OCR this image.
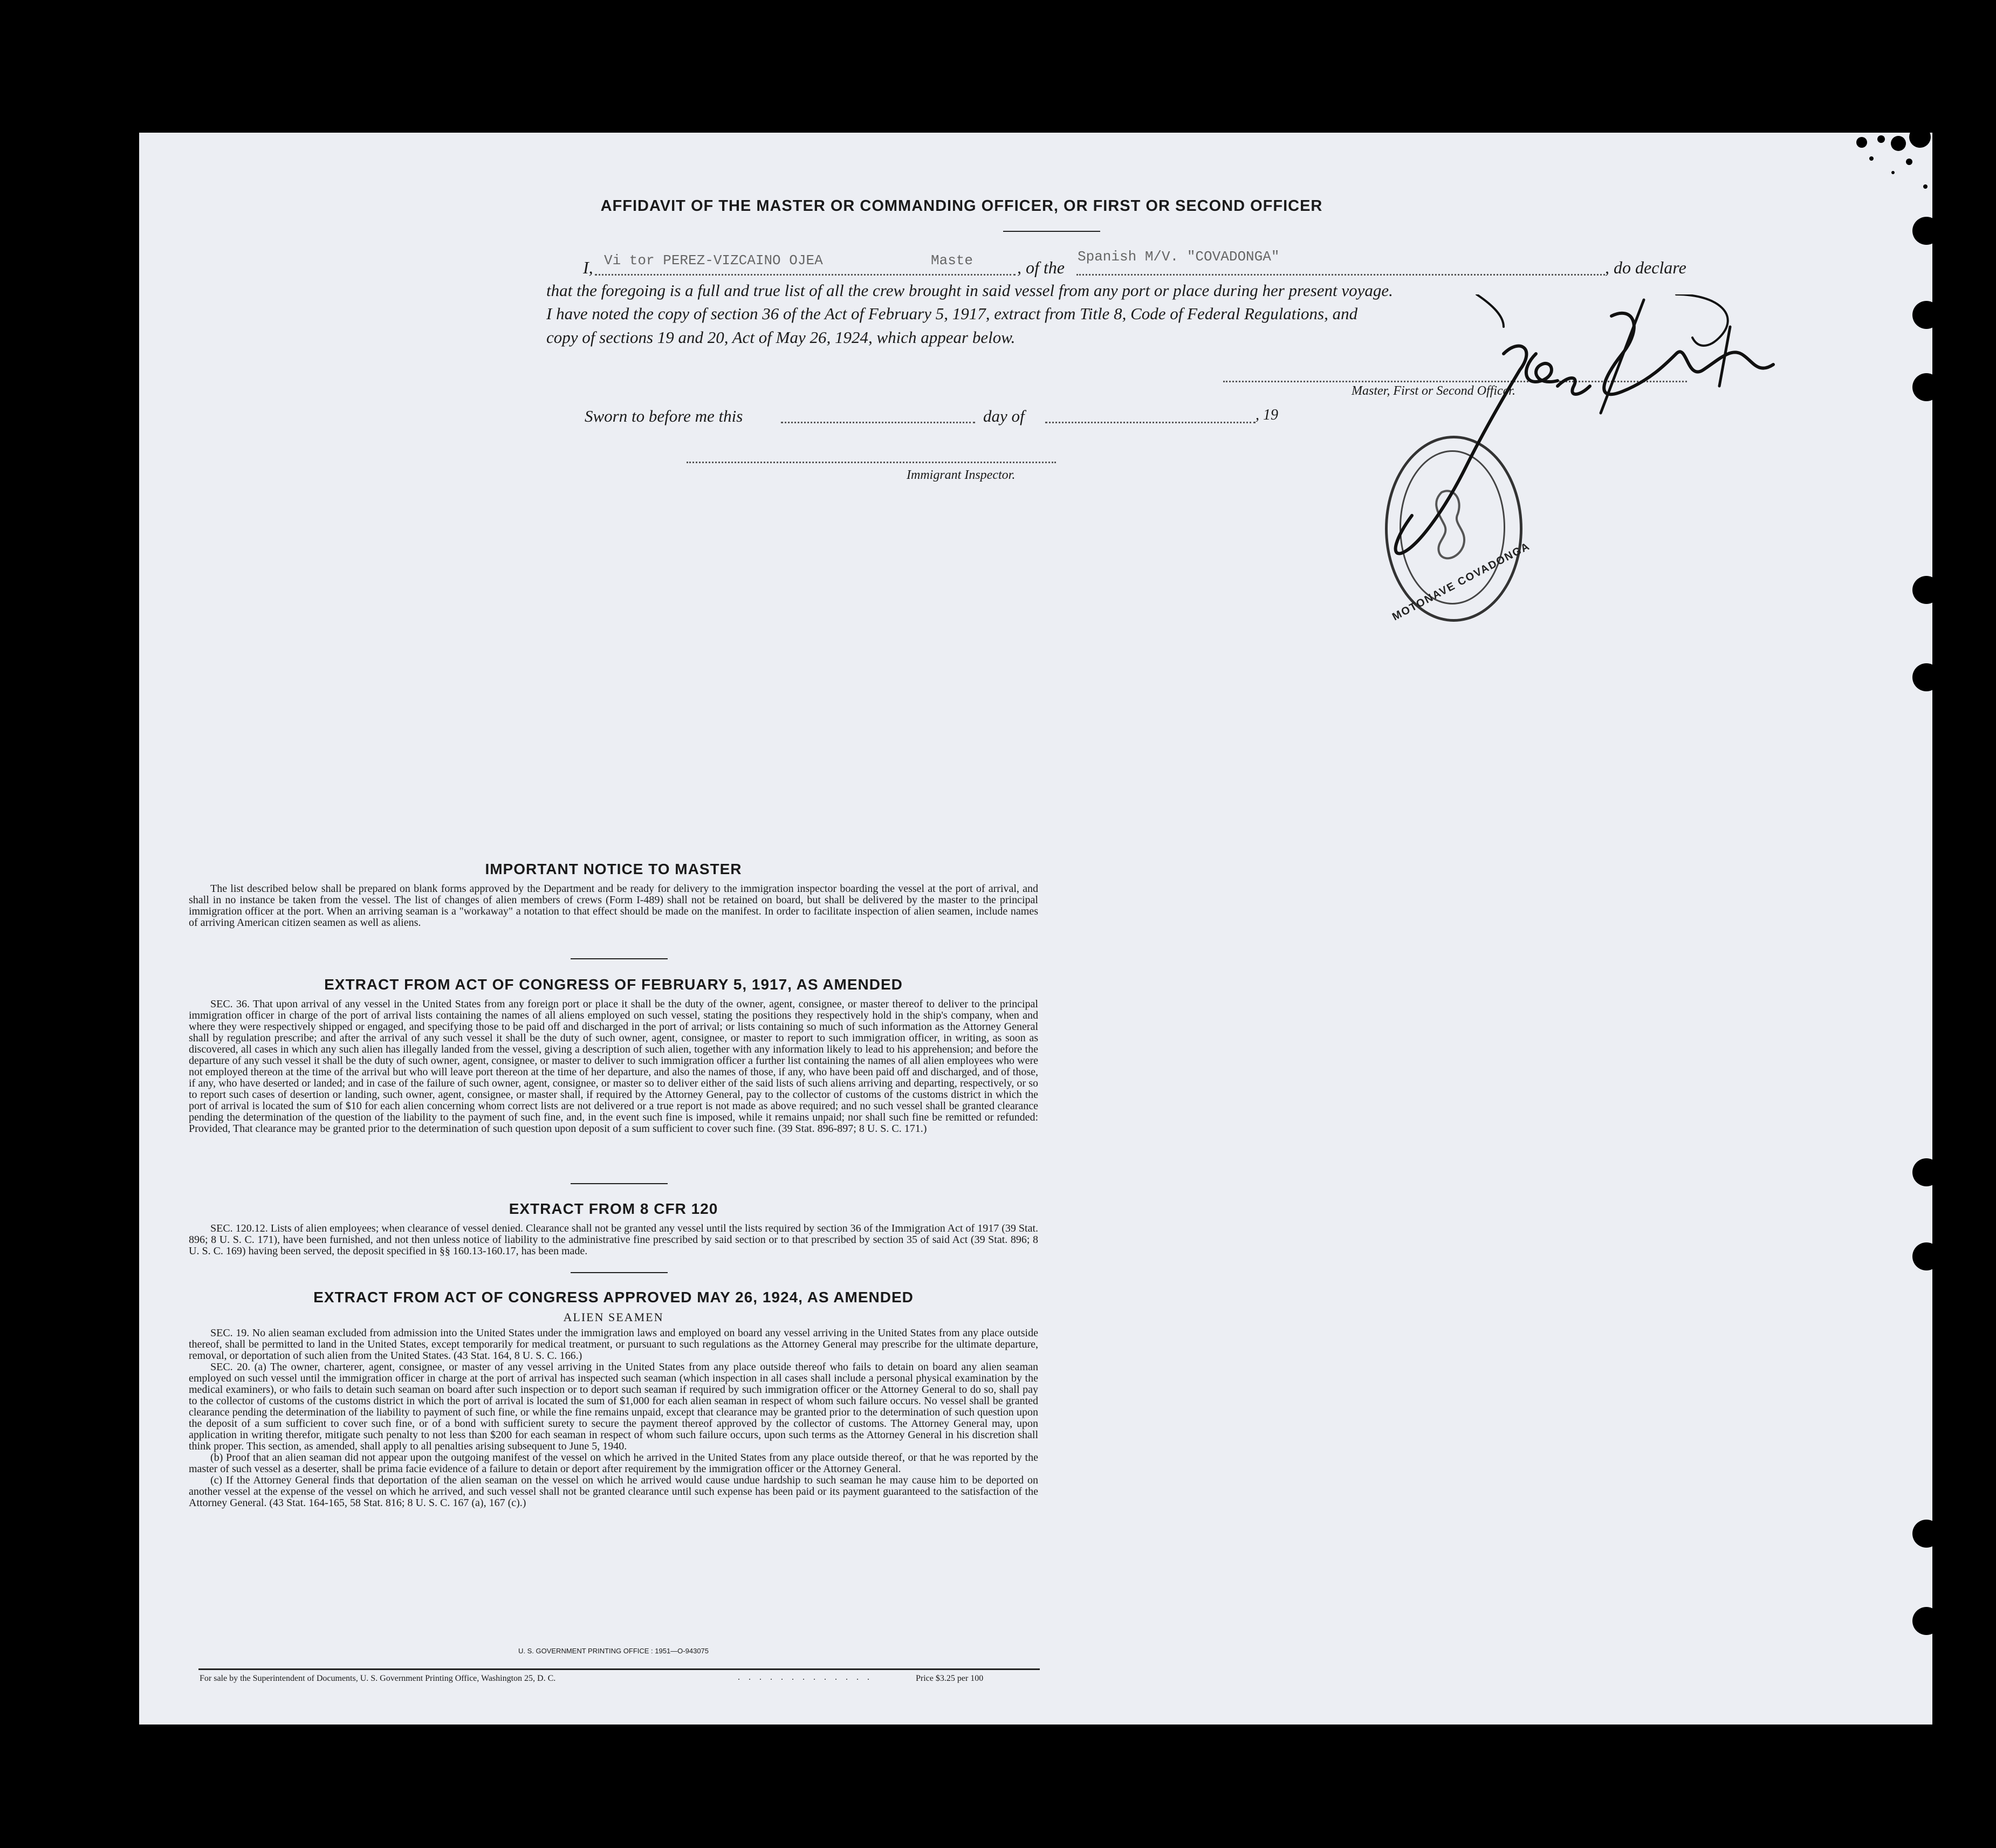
AFFIDAVIT OF THE MASTER OR COMMANDING OFFICER, OR FIRST OR SECOND OFFICER
I, Vi tor PEREZ-VIZCAINO OJEA	Maste	, of the
Spanish M/V. "COVADONGA"
, do declare
that the foregoing is a full and true list of all the crew brought in said vessel from any port or place during her present voyage.
I have noted the copy of section 36 of the Act of February 5, 1917, extract from Title 8, Code of Federal Regulations, and
copy of sections 19 and 20, Act of May 26, 1924, which appear below.
MOTONAVE COVADONGA
Master, First or Second Officer.
Sworn to before me this	day of	, 19
Immigrant Inspector.
IMPORTANT NOTICE TO MASTER
The list described below shall be prepared on blank forms approved by the Department and be ready for delivery to the immigration inspector boarding the vessel at the port of arrival, and shall in no instance be taken from the vessel. The list of changes of alien members of crews (Form I-489) shall not be retained on board, but shall be delivered by the master to the principal immigration officer at the port. When an arriving seaman is a "workaway" a notation to that effect should be made on the manifest. In order to facilitate inspection of alien seamen, include names of arriving American citizen seamen as well as aliens.
EXTRACT FROM ACT OF CONGRESS OF FEBRUARY 5, 1917, AS AMENDED
SEC. 36. That upon arrival of any vessel in the United States from any foreign port or place it shall be the duty of the owner, agent, consignee, or master thereof to deliver to the principal immigration officer in charge of the port of arrival lists containing the names of all aliens employed on such vessel, stating the positions they respectively hold in the ship's company, when and where they were respectively shipped or engaged, and specifying those to be paid off and discharged in the port of arrival; or lists containing so much of such information as the Attorney General shall by regulation prescribe; and after the arrival of any such vessel it shall be the duty of such owner, agent, consignee, or master to report to such immigration officer, in writing, as soon as discovered, all cases in which any such alien has illegally landed from the vessel, giving a description of such alien, together with any information likely to lead to his apprehension; and before the departure of any such vessel it shall be the duty of such owner, agent, consignee, or master to deliver to such immigration officer a further list containing the names of all alien employees who were not employed thereon at the time of the arrival but who will leave port thereon at the time of her departure, and also the names of those, if any, who have been paid off and discharged, and of those, if any, who have deserted or landed; and in case of the failure of such owner, agent, consignee, or master so to deliver either of the said lists of such aliens arriving and departing, respectively, or so to report such cases of desertion or landing, such owner, agent, consignee, or master shall, if required by the Attorney General, pay to the collector of customs of the customs district in which the port of arrival is located the sum of $10 for each alien concerning whom correct lists are not delivered or a true report is not made as above required; and no such vessel shall be granted clearance pending the determination of the question of the liability to the payment of such fine, and, in the event such fine is imposed, while it remains unpaid; nor shall such fine be remitted or refunded: Provided, That clearance may be granted prior to the determination of such question upon deposit of a sum sufficient to cover such fine. (39 Stat. 896-897; 8 U. S. C. 171.)
EXTRACT FROM 8 CFR 120
SEC. 120.12. Lists of alien employees; when clearance of vessel denied. Clearance shall not be granted any vessel until the lists required by section 36 of the Immigration Act of 1917 (39 Stat. 896; 8 U. S. C. 171), have been furnished, and not then unless notice of liability to the administrative fine prescribed by said section or to that prescribed by section 35 of said Act (39 Stat. 896; 8 U. S. C. 169) having been served, the deposit specified in §§ 160.13-160.17, has been made.
EXTRACT FROM ACT OF CONGRESS APPROVED MAY 26, 1924, AS AMENDED
ALIEN SEAMEN

SEC. 19. No alien seaman excluded from admission into the United States under the immigration laws and employed on board any vessel arriving in the United States from any place outside thereof, shall be permitted to land in the United States, except temporarily for medical treatment, or pursuant to such regulations as the Attorney General may prescribe for the ultimate departure, removal, or deportation of such alien from the United States. (43 Stat. 164, 8 U. S. C. 166.)

SEC. 20. (a) The owner, charterer, agent, consignee, or master of any vessel arriving in the United States from any place outside thereof who fails to detain on board any alien seaman employed on such vessel until the immigration officer in charge at the port of arrival has inspected such seaman (which inspection in all cases shall include a personal physical examination by the medical examiners), or who fails to detain such seaman on board after such inspection or to deport such seaman if required by such immigration officer or the Attorney General to do so, shall pay to the collector of customs of the customs district in which the port of arrival is located the sum of $1,000 for each alien seaman in respect of whom such failure occurs. No vessel shall be granted clearance pending the determination of the liability to payment of such fine, or while the fine remains unpaid, except that clearance may be granted prior to the determination of such question upon the deposit of a sum sufficient to cover such fine, or of a bond with sufficient surety to secure the payment thereof approved by the collector of customs. The Attorney General may, upon application in writing therefor, mitigate such penalty to not less than $200 for each seaman in respect of whom such failure occurs, upon such terms as the Attorney General in his discretion shall think proper. This section, as amended, shall apply to all penalties arising subsequent to June 5, 1940.

(b) Proof that an alien seaman did not appear upon the outgoing manifest of the vessel on which he arrived in the United States from any place outside thereof, or that he was reported by the master of such vessel as a deserter, shall be prima facie evidence of a failure to detain or deport after requirement by the immigration officer or the Attorney General.

(c) If the Attorney General finds that deportation of the alien seaman on the vessel on which he arrived would cause undue hardship to such seaman he may cause him to be deported on another vessel at the expense of the vessel on which he arrived, and such vessel shall not be granted clearance until such expense has been paid or its payment guaranteed to the satisfaction of the Attorney General. (43 Stat. 164-165, 58 Stat. 816; 8 U. S. C. 167 (a), 167 (c).)

U. S. GOVERNMENT PRINTING OFFICE : 1951—O-943075
For sale by the Superintendent of Documents, U. S. Government Printing Office, Washington 25, D. C.	. . . . . . . . . . . . .	Price $3.25 per 100
